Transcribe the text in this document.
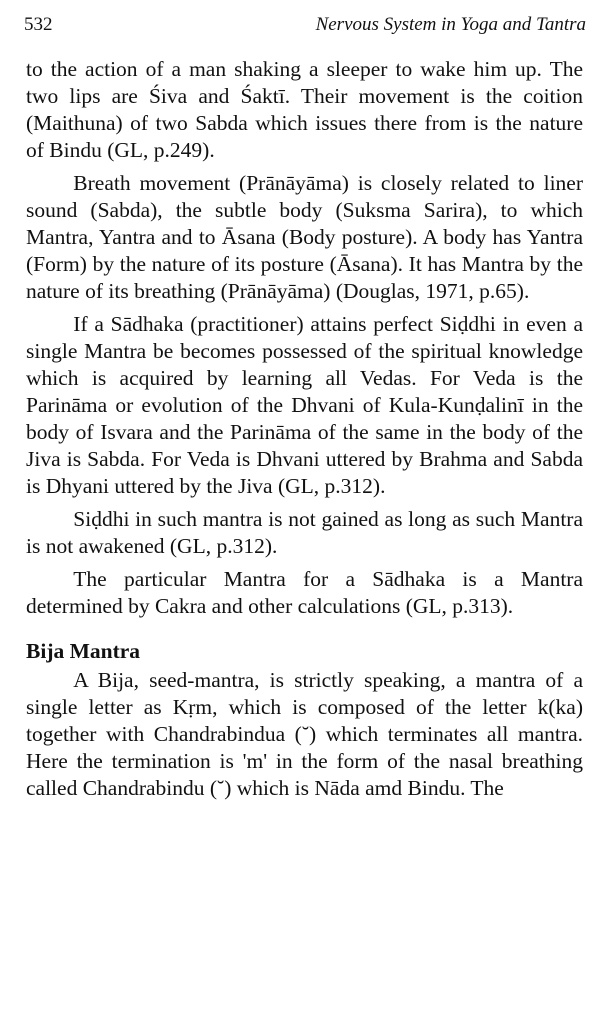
532	Nervous System in Yoga and Tantra

to the action of a man shaking a sleeper to wake him up. The two lips are Śiva and Śaktī. Their movement is the coition (Maithuna) of two Sabda which issues there from is the nature of Bindu (GL, p.249).

Breath movement (Prānāyāma) is closely related to liner sound (Sabda), the subtle body (Suksma Sarira), to which Mantra, Yantra and to Āsana (Body posture). A body has Yantra (Form) by the nature of its posture (Āsana). It has Mantra by the nature of its breathing (Prānāyāma) (Douglas, 1971, p.65).

If a Sādhaka (practitioner) attains perfect Siḍdhi in even a single Mantra be becomes possessed of the spiritual knowledge which is acquired by learning all Vedas. For Veda is the Parināma or evolution of the Dhvani of Kula-Kunḍalinī in the body of Isvara and the Parināma of the same in the body of the Jiva is Sabda. For Veda is Dhvani uttered by Brahma and Sabda is Dhyani uttered by the Jiva (GL, p.312).

Siḍdhi in such mantra is not gained as long as such Mantra is not awakened (GL, p.312).

The particular Mantra for a Sādhaka is a Mantra determined by Cakra and other calculations (GL, p.313).

Bija Mantra

A Bija, seed-mantra, is strictly speaking, a mantra of a single letter as Kṛm, which is composed of the letter k(ka) together with Chandrabindua (˘) which terminates all mantra. Here the termination is 'm' in the form of the nasal breathing called Chandrabindu (˘) which is Nāda amd Bindu. The
